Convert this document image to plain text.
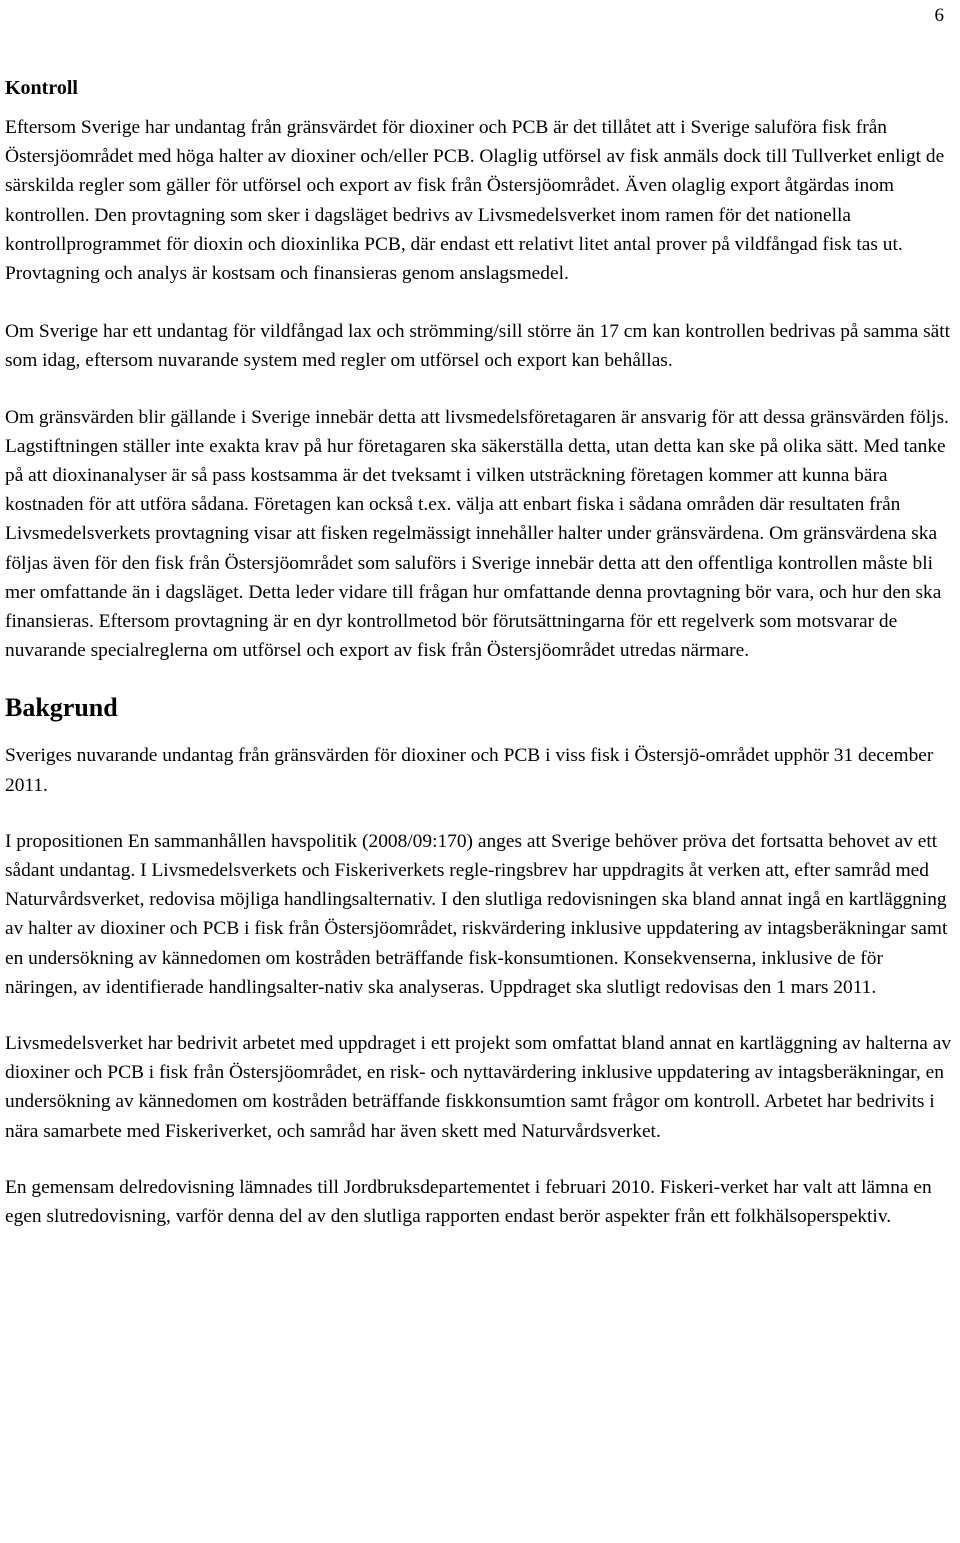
6
Kontroll

Eftersom Sverige har undantag från gränsvärdet för dioxiner och PCB är det tillåtet att i Sverige saluföra fisk från Östersjöområdet med höga halter av dioxiner och/eller PCB. Olaglig utförsel av fisk anmäls dock till Tullverket enligt de särskilda regler som gäller för utförsel och export av fisk från Östersjöområdet. Även olaglig export åtgärdas inom kontrollen. Den provtagning som sker i dagsläget bedrivs av Livsmedelsverket inom ramen för det nationella kontrollprogrammet för dioxin och dioxinlika PCB, där endast ett relativt litet antal prover på vildfångad fisk tas ut. Provtagning och analys är kostsam och finansieras genom anslagsmedel.

Om Sverige har ett undantag för vildfångad lax och strömming/sill större än 17 cm kan kontrollen bedrivas på samma sätt som idag, eftersom nuvarande system med regler om utförsel och export kan behållas.

Om gränsvärden blir gällande i Sverige innebär detta att livsmedelsföretagaren är ansvarig för att dessa gränsvärden följs. Lagstiftningen ställer inte exakta krav på hur företagaren ska säkerställa detta, utan detta kan ske på olika sätt. Med tanke på att dioxinanalyser är så pass kostsamma är det tveksamt i vilken utsträckning företagen kommer att kunna bära kostnaden för att utföra sådana. Företagen kan också t.ex. välja att enbart fiska i sådana områden där resultaten från Livsmedelsverkets provtagning visar att fisken regelmässigt innehåller halter under gränsvärdena. Om gränsvärdena ska följas även för den fisk från Östersjöområdet som saluförs i Sverige innebär detta att den offentliga kontrollen måste bli mer omfattande än i dagsläget. Detta leder vidare till frågan hur omfattande denna provtagning bör vara, och hur den ska finansieras. Eftersom provtagning är en dyr kontrollmetod bör förutsättningarna för ett regelverk som motsvarar de nuvarande specialreglerna om utförsel och export av fisk från Östersjöområdet utredas närmare.

Bakgrund

Sveriges nuvarande undantag från gränsvärden för dioxiner och PCB i viss fisk i Östersjö-området upphör 31 december 2011.

I propositionen En sammanhållen havspolitik (2008/09:170) anges att Sverige behöver pröva det fortsatta behovet av ett sådant undantag. I Livsmedelsverkets och Fiskeriverkets regle-ringsbrev har uppdragits åt verken att, efter samråd med Naturvårdsverket, redovisa möjliga handlingsalternativ. I den slutliga redovisningen ska bland annat ingå en kartläggning av halter av dioxiner och PCB i fisk från Östersjöområdet, riskvärdering inklusive uppdatering av intagsberäkningar samt en undersökning av kännedomen om kostråden beträffande fisk-konsumtionen. Konsekvenserna, inklusive de för näringen, av identifierade handlingsalter-nativ ska analyseras. Uppdraget ska slutligt redovisas den 1 mars 2011.

Livsmedelsverket har bedrivit arbetet med uppdraget i ett projekt som omfattat bland annat en kartläggning av halterna av dioxiner och PCB i fisk från Östersjöområdet, en risk- och nyttavärdering inklusive uppdatering av intagsberäkningar, en undersökning av kännedomen om kostråden beträffande fiskkonsumtion samt frågor om kontroll. Arbetet har bedrivits i nära samarbete med Fiskeriverket, och samråd har även skett med Naturvårdsverket.

En gemensam delredovisning lämnades till Jordbruksdepartementet i februari 2010. Fiskeri-verket har valt att lämna en egen slutredovisning, varför denna del av den slutliga rapporten endast berör aspekter från ett folkhälsoperspektiv.
